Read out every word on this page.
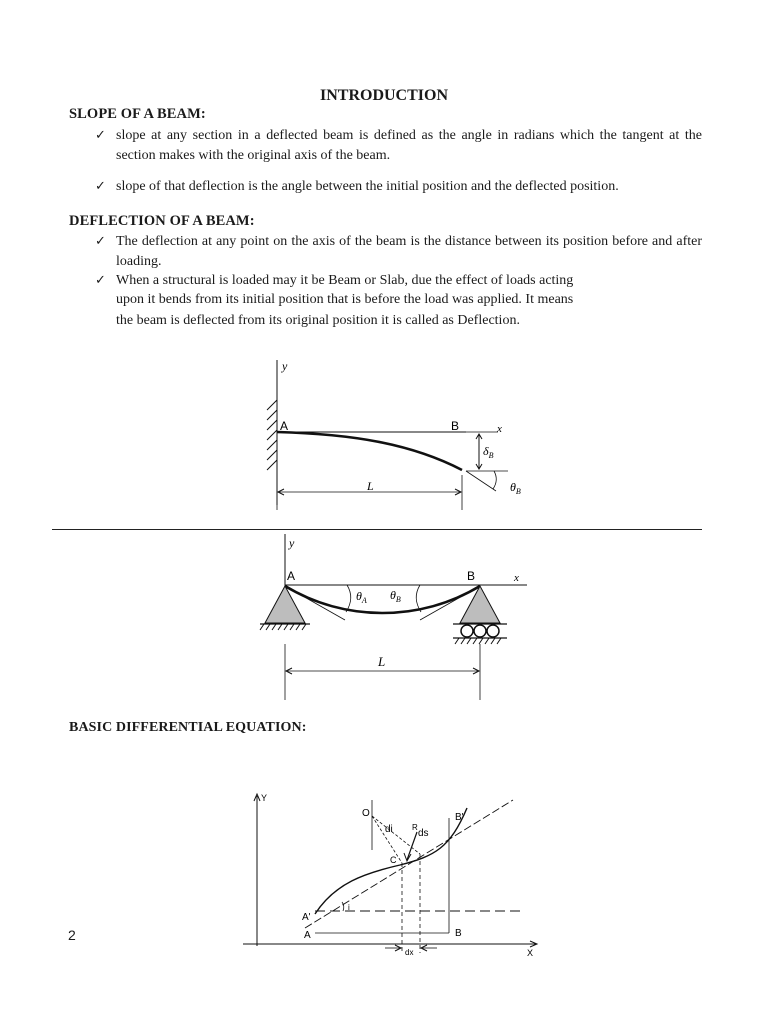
INTRODUCTION
SLOPE OF A BEAM:
✓ slope at any section in a deflected beam is defined as the angle in radians which the tangent at the section makes with the original axis of the beam.
✓ slope of that deflection is the angle between the initial position and the deflected position.
DEFLECTION OF A BEAM:
✓ The deflection at any point on the axis of the beam is the distance between its position before and after loading.
✓ When a structural is loaded may it be Beam or Slab, due the effect of loads acting
upon it bends from its initial position that is before the load was applied. It means
the beam is deflected from its original position it is called as Deflection.
y
A	B	x
$\delta_B$
$\theta_B$
L
y
A	B	x
$\theta_A$ $\theta_B$
L
BASIC DIFFERENTIAL EQUATION:
Y
X
O
di R
ds
C
B'
A'
A	B
i
dx
2
